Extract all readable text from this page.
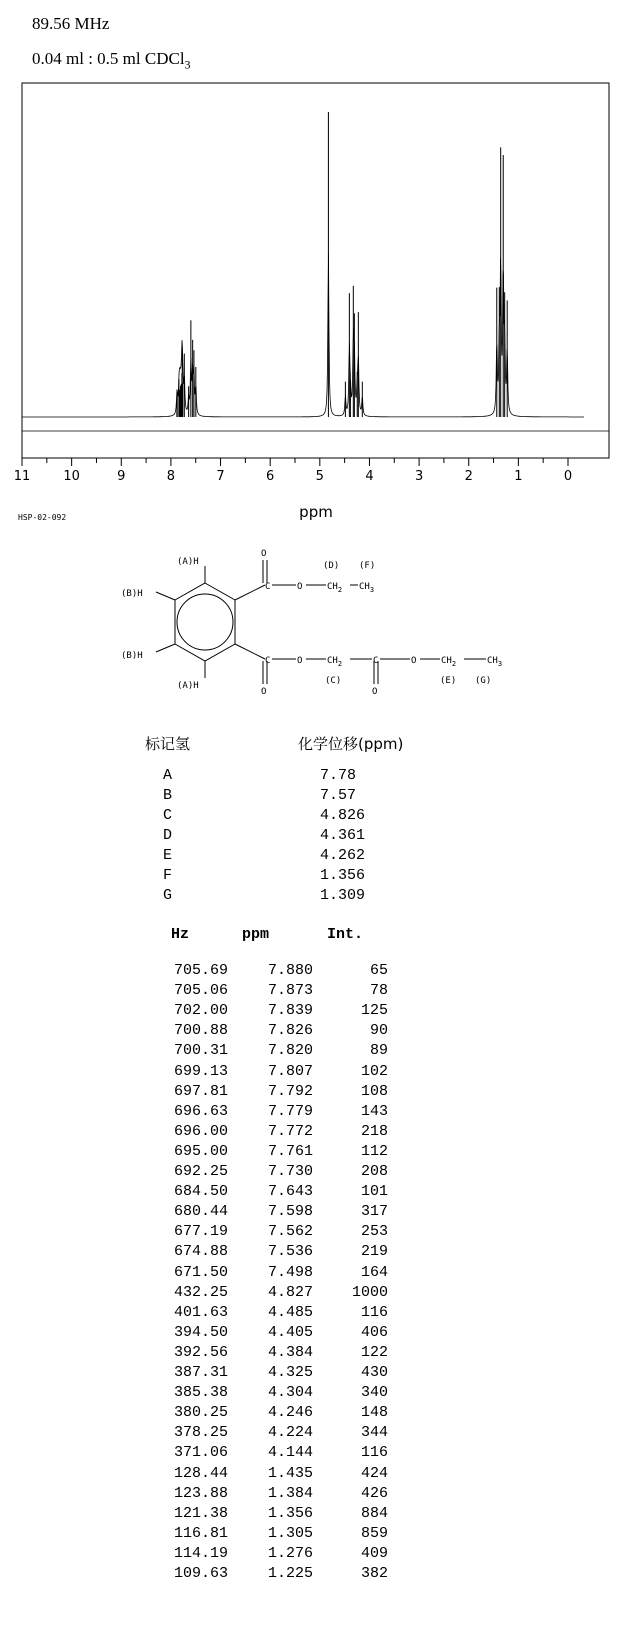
89.56 MHz
0.04 ml : 0.5 ml CDCl$_3$
11	10	9	8	7	6	5	4	3	2	1	0
ppm
HSP-02-092
(A)H
(A)H
(B)H
(B)H
O
C	O	$CH_2$ $CH_3$
(D) (F)
C
O
O	$CH_2$	C
O
O	$CH_2$	$CH_3$
(C)	(E) (G)
标记氢	化学位移(ppm)
A	7.78
B	7.57
C	4.826
D	4.361
E	4.262
F	1.356
G	1.309
Hz	ppm	Int.
705.69	7.880	65
705.06	7.873	78
702.00	7.839	125
700.88	7.826	90
700.31	7.820	89
699.13	7.807	102
697.81	7.792	108
696.63	7.779	143
696.00	7.772	218
695.00	7.761	112
692.25	7.730	208
684.50	7.643	101
680.44	7.598	317
677.19	7.562	253
674.88	7.536	219
671.50	7.498	164
432.25	4.827	1000
401.63	4.485	116
394.50	4.405	406
392.56	4.384	122
387.31	4.325	430
385.38	4.304	340
380.25	4.246	148
378.25	4.224	344
371.06	4.144	116
128.44	1.435	424
123.88	1.384	426
121.38	1.356	884
116.81	1.305	859
114.19	1.276	409
109.63	1.225	382
